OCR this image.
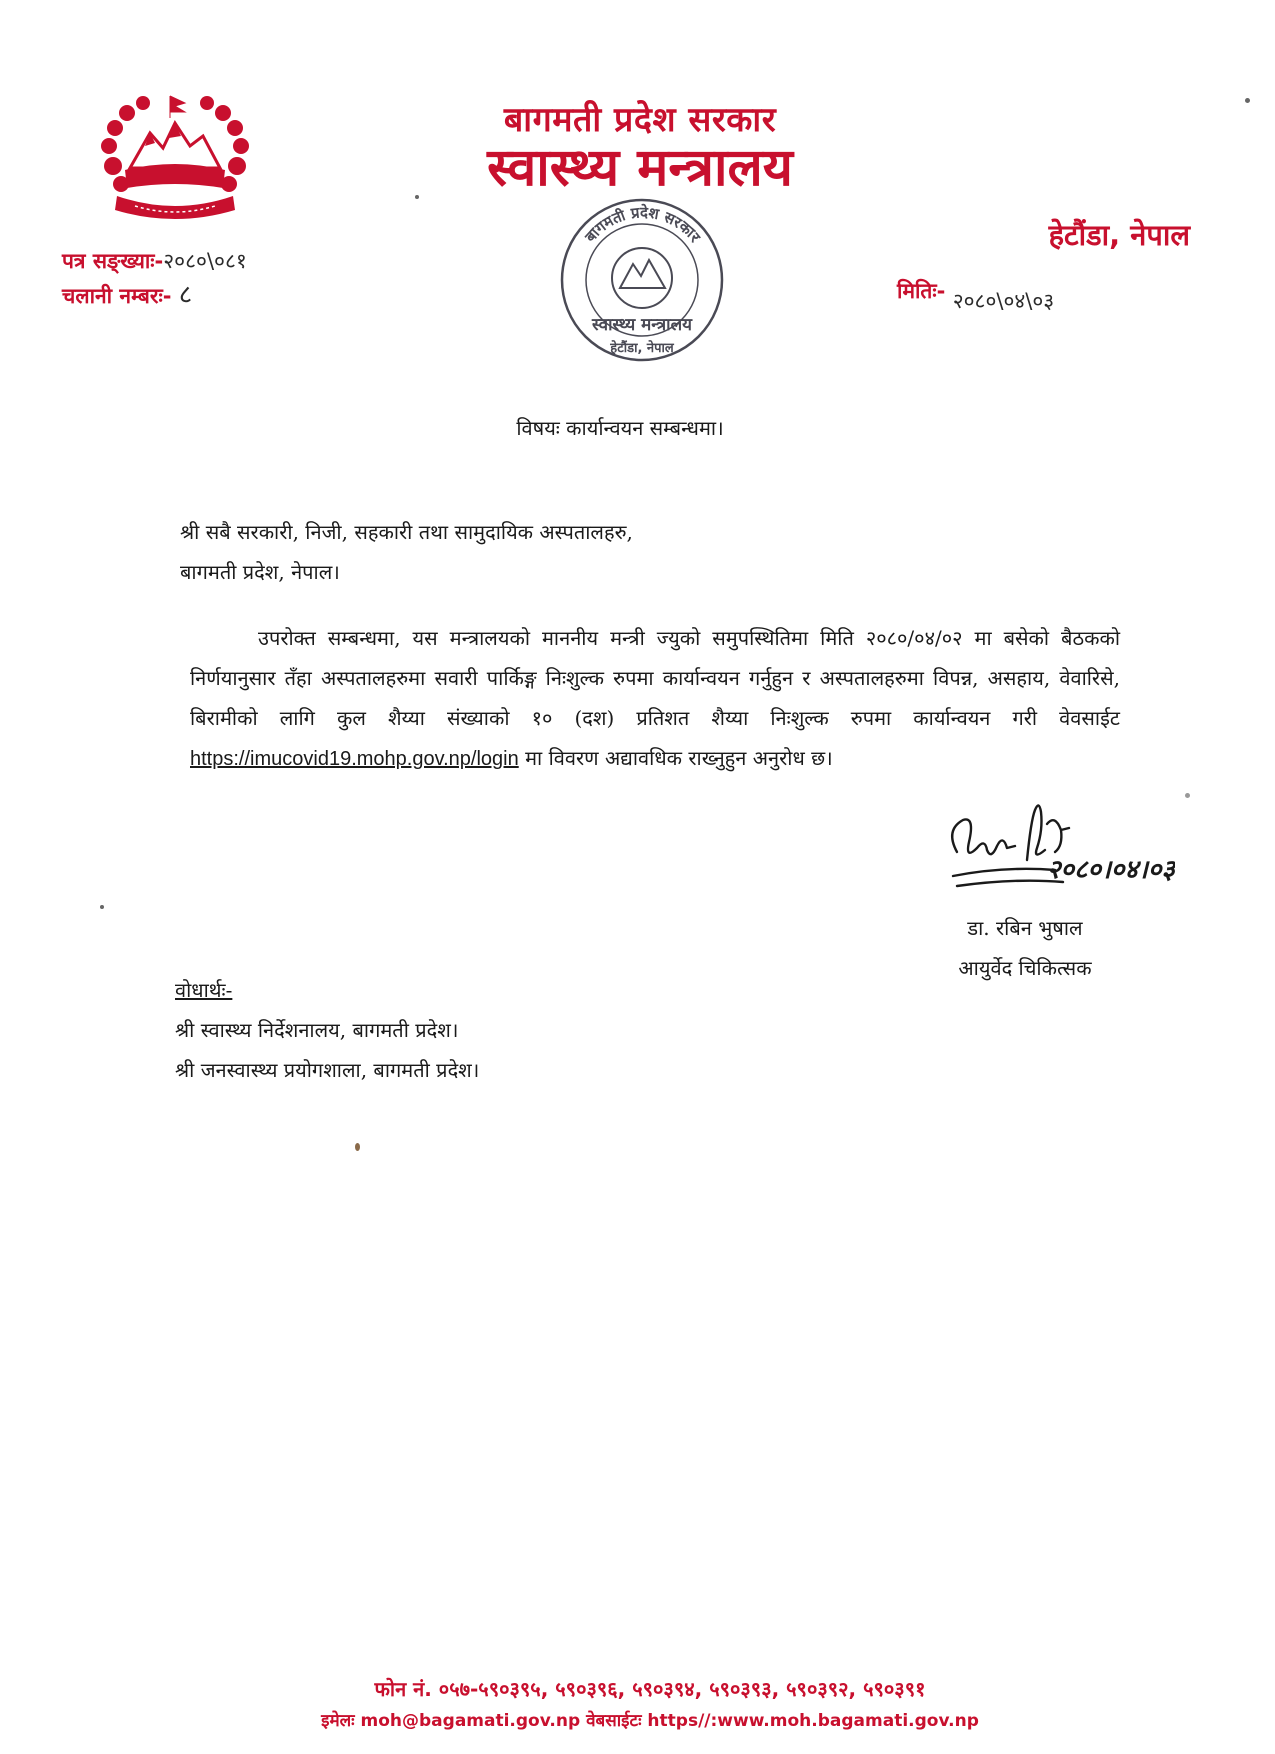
बागमती प्रदेश सरकार
स्वास्थ्य मन्त्रालय
हेटौंडा, नेपाल
पत्र सङ्ख्याः-२०८०\०८१
चलानी नम्बरः- ८	मितिः- २०८०\०४\०३
बागमती प्रदेश सरकार
स्वास्थ्य मन्त्रालय
हेटौंडा, नेपाल
विषयः कार्यान्वयन सम्बन्धमा।
श्री सबै सरकारी, निजी, सहकारी तथा सामुदायिक अस्पतालहरु,
बागमती प्रदेश, नेपाल।
उपरोक्त सम्बन्धमा, यस मन्त्रालयको माननीय मन्त्री ज्युको समुपस्थितिमा मिति २०८०/०४/०२ मा बसेको बैठकको निर्णयानुसार तँहा अस्पतालहरुमा सवारी पार्किङ्ग निःशुल्क रुपमा कार्यान्वयन गर्नुहुन र अस्पतालहरुमा विपन्न, असहाय, वेवारिसे, बिरामीको लागि कुल शैय्या संख्याको १० (दश) प्रतिशत शैय्या निःशुल्क रुपमा कार्यान्वयन गरी वेवसाईट https://imucovid19.mohp.gov.np/login मा विवरण अद्यावधिक राख्नुहुन अनुरोध छ।
२०८०।०४।०३
डा. रबिन भुषाल
आयुर्वेद चिकित्सक
वोधार्थः-
श्री स्वास्थ्य निर्देशनालय, बागमती प्रदेश।
श्री जनस्वास्थ्य प्रयोगशाला, बागमती प्रदेश।
फोन नं. ०५७-५९०३९५, ५९०३९६, ५९०३९४, ५९०३९३, ५९०३९२, ५९०३९१
इमेलः moh@bagamati.gov.np वेबसाईटः https//:www.moh.bagamati.gov.np
